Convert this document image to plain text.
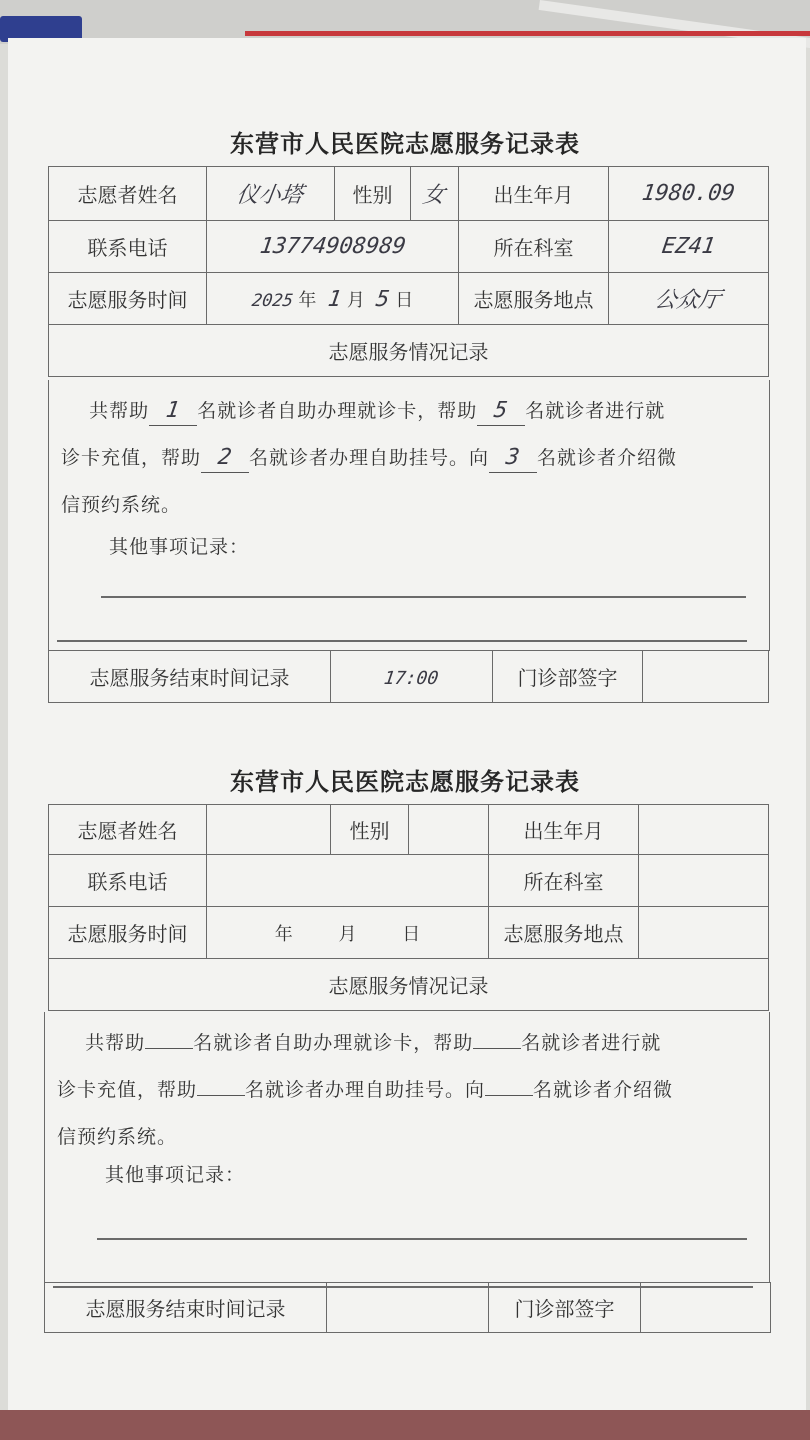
东营市人民医院志愿服务记录表
志愿者姓名	仪小塔	性别	女	出生年月	1980.09
联系电话	13774908989			所在科室	EZ41
志愿服务时间	2025 年 1 月 5 日			志愿服务地点	公众厅
志愿服务情况记录					
共帮助 1 名就诊者自助办理就诊卡，帮助 5 名就诊者进行就
诊卡充值，帮助 2 名就诊者办理自助挂号。向 3 名就诊者介绍微
信预约系统。
其他事项记录：
志愿服务结束时间记录	17:00	门诊部签字	
东营市人民医院志愿服务记录表
志愿者姓名		性别		出生年月	
联系电话				所在科室	
志愿服务时间	年 月 日			志愿服务地点	
志愿服务情况记录					
共帮助	名就诊者自助办理就诊卡，帮助	名就诊者进行就
诊卡充值，帮助	名就诊者办理自助挂号。向	名就诊者介绍微
信预约系统。
其他事项记录：
志愿服务结束时间记录		门诊部签字	
